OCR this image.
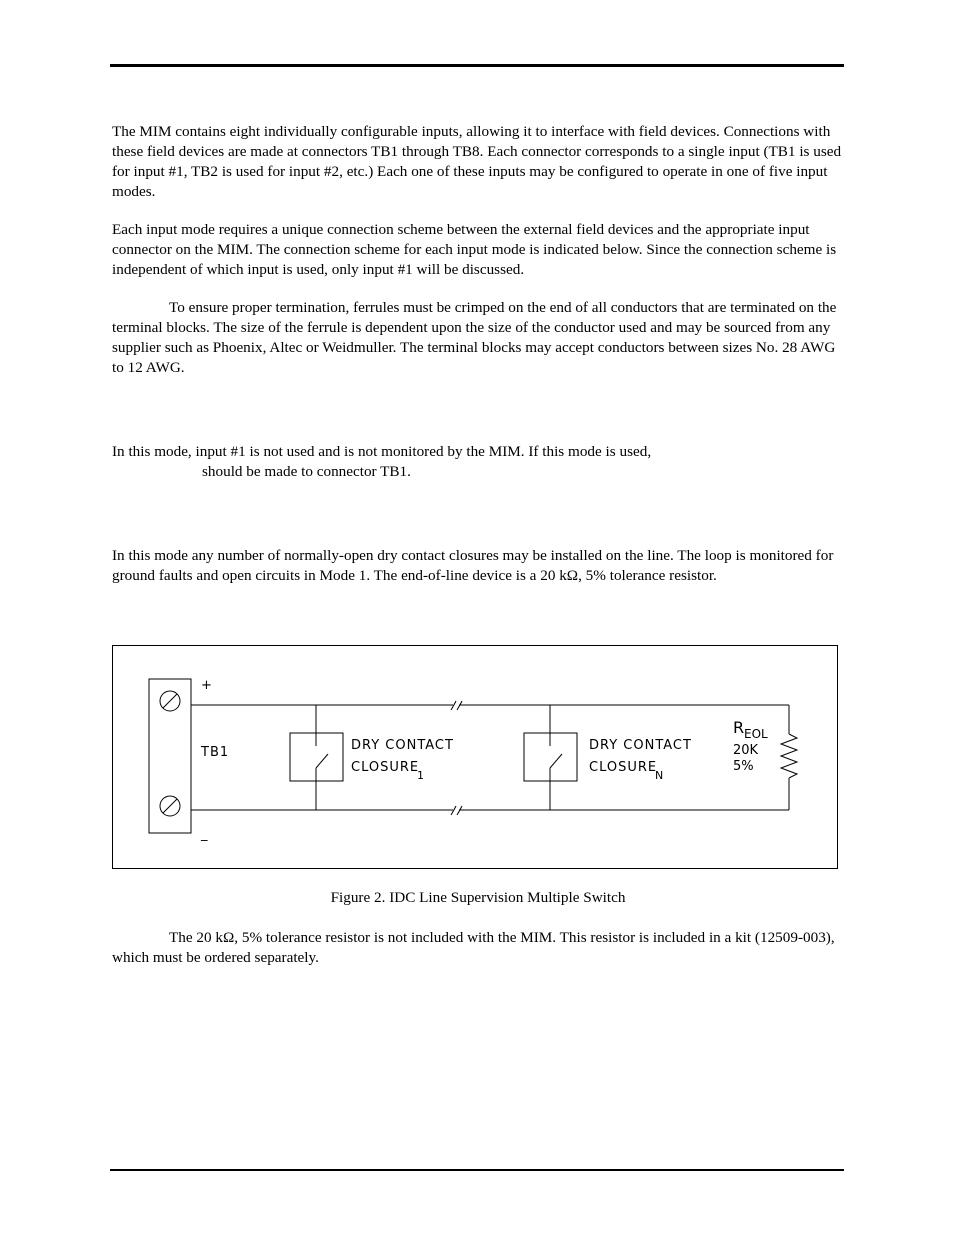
The MIM contains eight individually configurable inputs, allowing it to interface with field devices. Connections with these field devices are made at connectors TB1 through TB8. Each connector corresponds to a single input (TB1 is used for input #1, TB2 is used for input #2, etc.) Each one of these inputs may be configured to operate in one of five input modes.

Each input mode requires a unique connection scheme between the external field devices and the appropriate input connector on the MIM. The connection scheme for each input mode is indicated below. Since the connection scheme is independent of which input is used, only input #1 will be discussed.

To ensure proper termination, ferrules must be crimped on the end of all conductors that are terminated on the terminal blocks. The size of the ferrule is dependent upon the size of the conductor used and may be sourced from any supplier such as Phoenix, Altec or Weidmuller. The terminal blocks may accept conductors between sizes No. 28 AWG to 12 AWG.

In this mode, input #1 is not used and is not monitored by the MIM. If this mode is used,
should be made to connector TB1.

In this mode any number of normally-open dry contact closures may be installed on the line. The loop is monitored for ground faults and open circuits in Mode 1. The end-of-line device is a 20 kΩ, 5% tolerance resistor.

+
_
TB1	DRY CONTACT
CLOSURE
1
DRY CONTACT
CLOSURE
N
R EOL
20K
5%
Figure 2. IDC Line Supervision Multiple Switch

The 20 kΩ, 5% tolerance resistor is not included with the MIM. This resistor is included in a kit (12509-003), which must be ordered separately.
